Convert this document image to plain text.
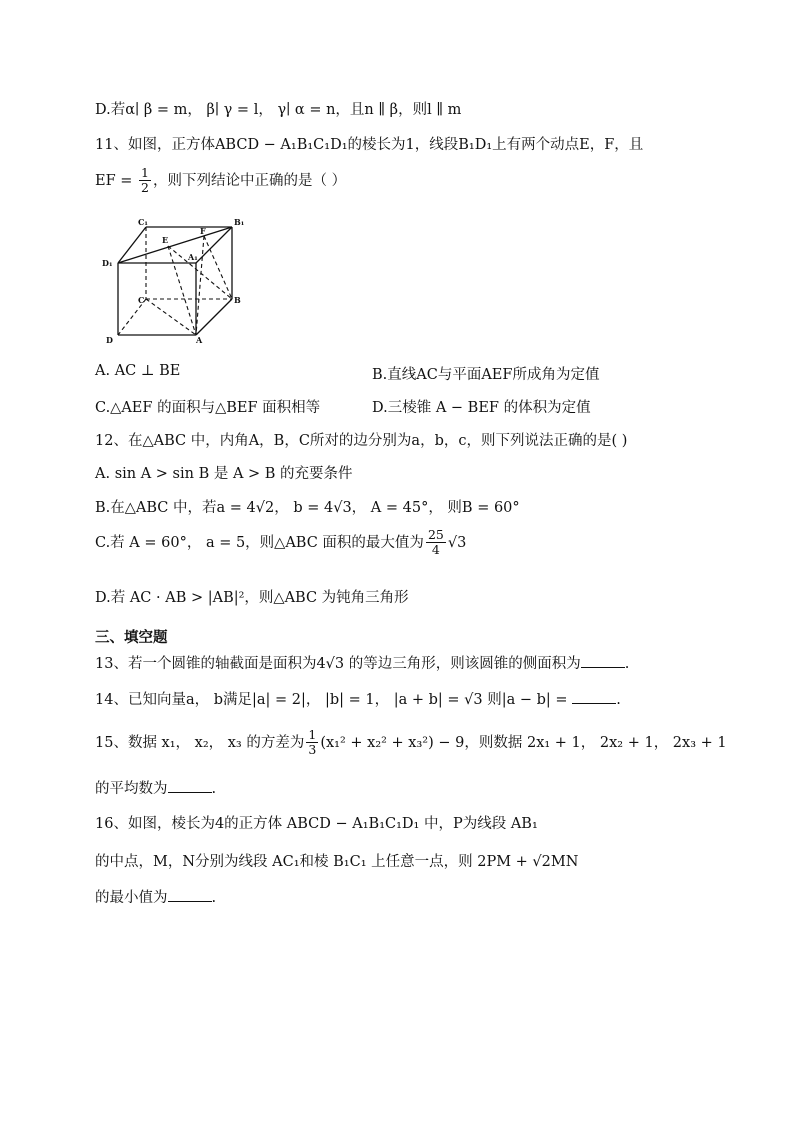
D.若α∣ β = m， β∣ γ = l， γ∣ α = n，且n ∥ β，则l ∥ m
11、如图，正方体ABCD − A₁B₁C₁D₁的棱长为1，线段B₁D₁上有两个动点E，F，且
EF = $\frac{1}{2}$ ，则下列结论中正确的是（ ）
C₁	B₁
D₁
E
F
A₁
C	B
D	A
A. AC ⊥ BE	B.直线AC与平面AEF所成角为定值
C.△AEF 的面积与△BEF 面积相等	D.三棱锥 A − BEF 的体积为定值
12、在△ABC 中，内角A，B，C所对的边分别为a，b，c，则下列说法正确的是( )
A. sin A > sin B 是 A > B 的充要条件
B.在△ABC 中，若a = 4√2， b = 4√3， A = 45°， 则B = 60°
C.若 A = 60°， a = 5，则△ABC 面积的最大值为 $\frac{25}{4} √3$
D.若 AC · AB > |AB|²，则△ABC 为钝角三角形
三、填空题
13、若一个圆锥的轴截面是面积为4√3 的等边三角形，则该圆锥的侧面积为	.
14、已知向量a， b满足|a| = 2|， |b| = 1， |a + b| = √3 则|a − b| =	.
15、数据 x₁， x₂， x₃ 的方差为 $\frac{1}{3} (x_1^2 + x_2^2 + x_3^2) - 9$，则数据 2x₁ + 1， 2x₂ + 1， 2x₃ + 1
的平均数为	.
16、如图，棱长为4的正方体 ABCD − A₁B₁C₁D₁ 中，P为线段 AB₁
的中点，M，N分别为线段 AC₁和棱 B₁C₁ 上任意一点，则 2PM + √2MN
的最小值为	.
